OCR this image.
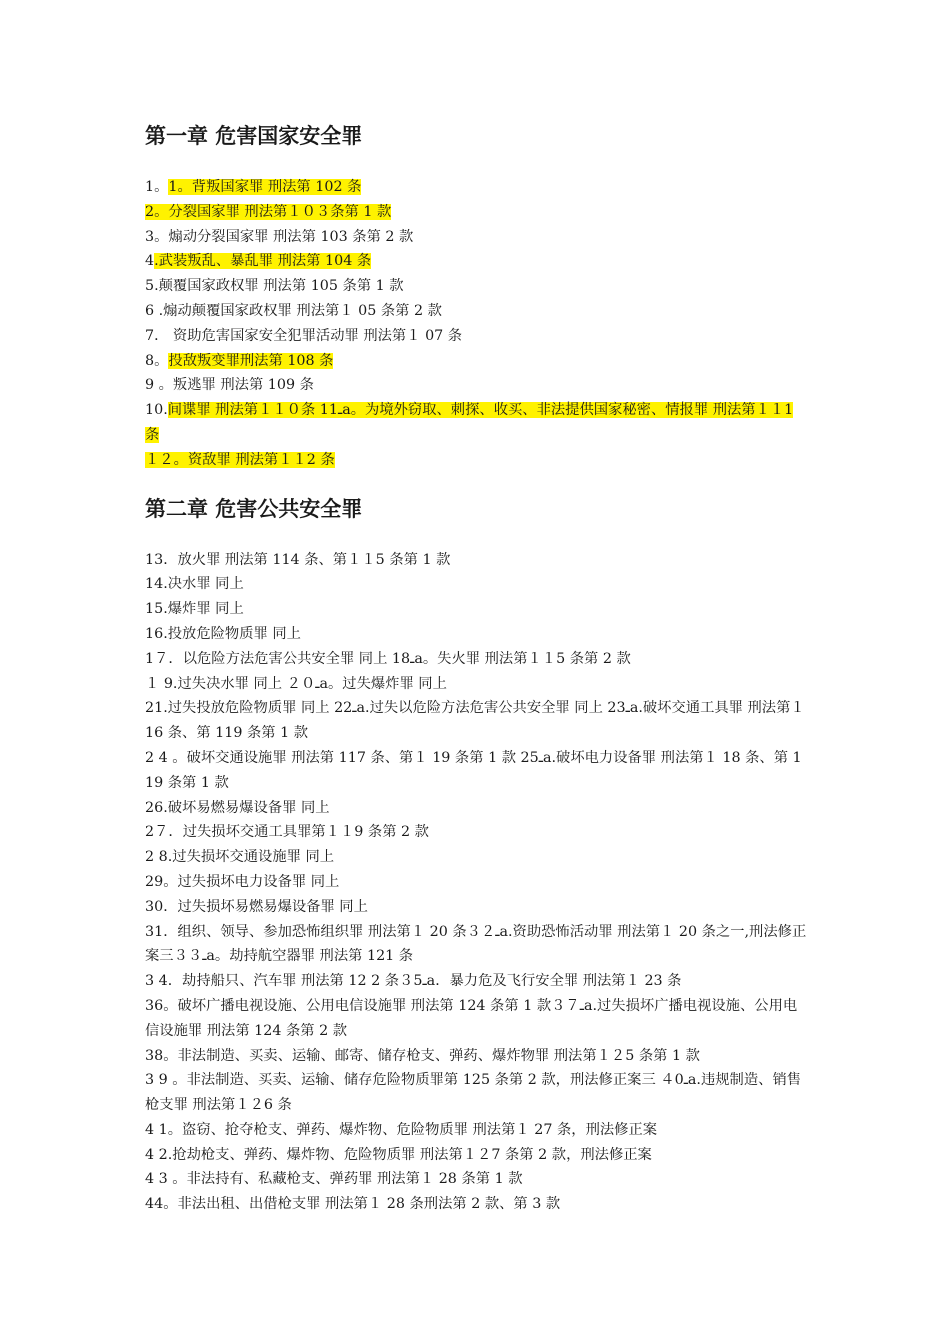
第一章 危害国家安全罪

1。1。背叛国家罪 刑法第 102 条

2。分裂国家罪 刑法第１０３条第 1 款

3。煽动分裂国家罪 刑法第 103 条第 2 款

4.武装叛乱、暴乱罪 刑法第 104 条

5.颠覆国家政权罪 刑法第 105 条第 1 款

6 .煽动颠覆国家政权罪 刑法第１ 05 条第 2 款

7． 资助危害国家安全犯罪活动罪 刑法第１ 07 条

8。投敌叛变罪刑法第 108 条

9 。叛逃罪 刑法第 109 条

10.间谍罪 刑法第１１０条 11ـa。为境外窃取、刺探、收买、非法提供国家秘密、情报罪 刑法第１１1 条

１２。资敌罪 刑法第１１2 条

第二章 危害公共安全罪

13．放火罪 刑法第 114 条、第１１5 条第 1 款

14.决水罪 同上

15.爆炸罪 同上

16.投放危险物质罪 同上

1７．以危险方法危害公共安全罪 同上 18ـa。失火罪 刑法第１１5 条第 2 款

１ 9.过失决水罪 同上 ２０ـa。过失爆炸罪 同上

21.过失投放危险物质罪 同上 22ـa.过失以危险方法危害公共安全罪 同上 23ـa.破坏交通工具罪 刑法第１ 16 条、第 119 条第 1 款

2 4 。破坏交通设施罪 刑法第 117 条、第１ 19 条第 1 款 25ـa.破坏电力设备罪 刑法第１ 18 条、第 119 条第 1 款

26.破坏易燃易爆设备罪 同上

2７．过失损坏交通工具罪第１１9 条第 2 款

2 8.过失损坏交通设施罪 同上

29。过失损坏电力设备罪 同上

30．过失损坏易燃易爆设备罪 同上

31．组织、领导、参加恐怖组织罪 刑法第１ 20 条３２ـa.资助恐怖活动罪 刑法第１ 20 条之一,刑法修正案三３３ـa。劫持航空器罪 刑法第 121 条

3 4．劫持船只、汽车罪 刑法第 12 2 条３5ـa．暴力危及飞行安全罪 刑法第１ 23 条

36。破坏广播电视设施、公用电信设施罪 刑法第 124 条第 1 款３７ـa.过失损坏广播电视设施、公用电信设施罪 刑法第 124 条第 2 款

38。非法制造、买卖、运输、邮寄、储存枪支、弹药、爆炸物罪 刑法第１２5 条第 1 款

3 9 。非法制造、买卖、运输、储存危险物质罪第 125 条第 2 款，刑法修正案三 ４0ـa.违规制造、销售枪支罪 刑法第１２6 条

4 1。盗窃、抢夺枪支、弹药、爆炸物、危险物质罪 刑法第１ 27 条，刑法修正案

4 2.抢劫枪支、弹药、爆炸物、危险物质罪 刑法第１２7 条第 2 款，刑法修正案

4 3 。非法持有、私藏枪支、弹药罪 刑法第１ 28 条第 1 款

44。非法出租、出借枪支罪 刑法第１ 28 条刑法第 2 款、第 3 款
